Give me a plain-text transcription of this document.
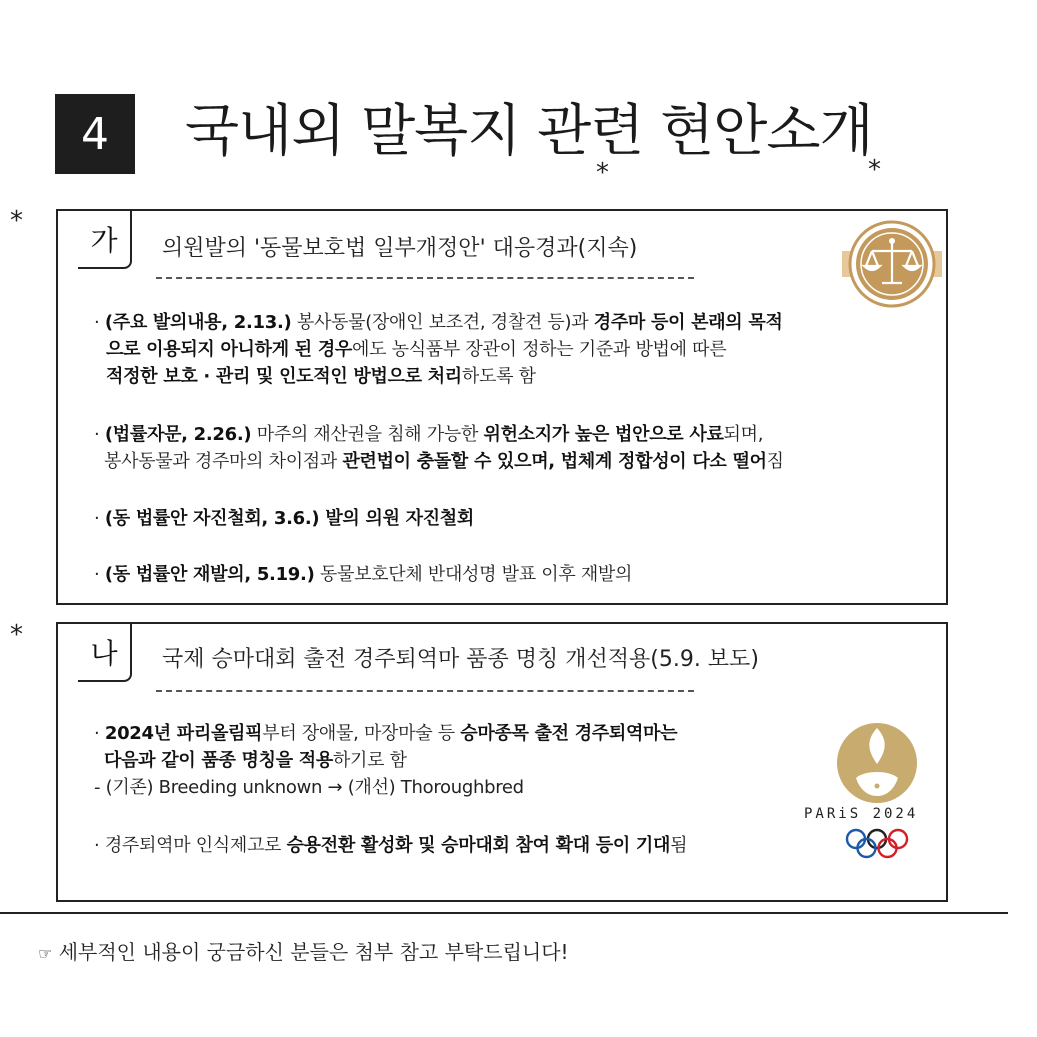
4	국내외 말복지 관련 현안소개
*	*
*
*
가	의원발의 '동물보호법 일부개정안' 대응경과(지속)
· (주요 발의내용, 2.13.) 봉사동물(장애인 보조견, 경찰견 등)과 경주마 등이 본래의 목적
으로 이용되지 아니하게 된 경우에도 농식품부 장관이 정하는 기준과 방법에 따른
적정한 보호 · 관리 및 인도적인 방법으로 처리하도록 함
· (법률자문, 2.26.) 마주의 재산권을 침해 가능한 위헌소지가 높은 법안으로 사료되며,
봉사동물과 경주마의 차이점과 관련법이 충돌할 수 있으며, 법체계 정합성이 다소 떨어짐
· (동 법률안 자진철회, 3.6.) 발의 의원 자진철회
· (동 법률안 재발의, 5.19.) 동물보호단체 반대성명 발표 이후 재발의
나	국제 승마대회 출전 경주퇴역마 품종 명칭 개선적용(5.9. 보도)
· 2024년 파리올림픽부터 장애물, 마장마술 등 승마종목 출전 경주퇴역마는
다음과 같이 품종 명칭을 적용하기로 함
- (기존) Breeding unknown → (개선) Thoroughbred
· 경주퇴역마 인식제고로 승용전환 활성화 및 승마대회 참여 확대 등이 기대됨
PARiS 2024
☞ 세부적인 내용이 궁금하신 분들은 첨부 참고 부탁드립니다!
